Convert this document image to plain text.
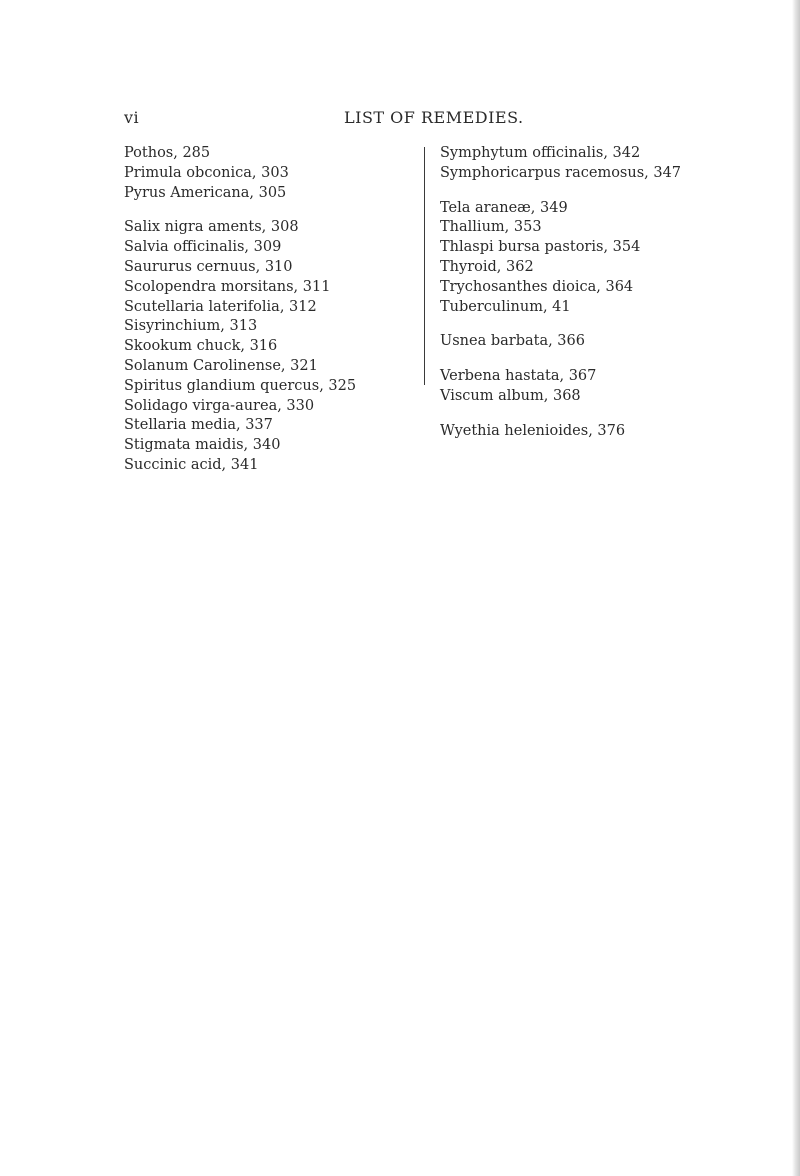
vi	LIST OF REMEDIES.
Pothos, 285
Primula obconica, 303
Pyrus Americana, 305
Salix nigra aments, 308
Salvia officinalis, 309
Saururus cernuus, 310
Scolopendra morsitans, 311
Scutellaria laterifolia, 312
Sisyrinchium, 313
Skookum chuck, 316
Solanum Carolinense, 321
Spiritus glandium quercus, 325
Solidago virga-aurea, 330
Stellaria media, 337
Stigmata maidis, 340
Succinic acid, 341
Symphytum officinalis, 342
Symphoricarpus racemosus, 347
Tela araneæ, 349
Thallium, 353
Thlaspi bursa pastoris, 354
Thyroid, 362
Trychosanthes dioica, 364
Tuberculinum, 41
Usnea barbata, 366
Verbena hastata, 367
Viscum album, 368
Wyethia helenioides, 376
